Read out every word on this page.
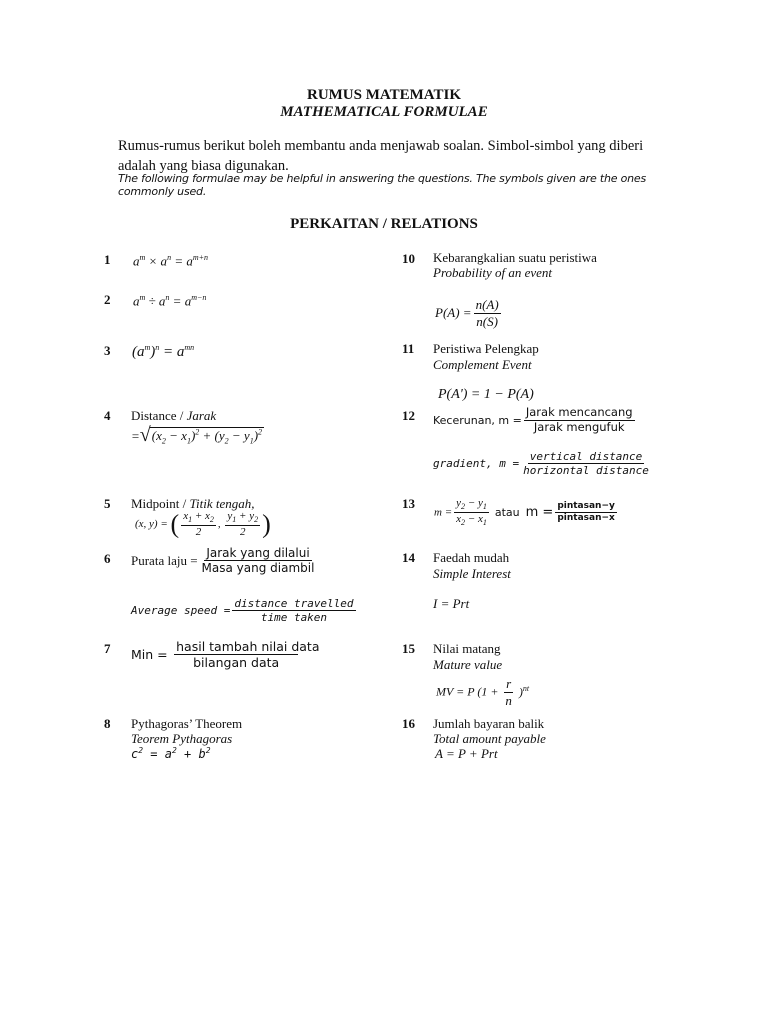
RUMUS MATEMATIK
MATHEMATICAL FORMULAE
Rumus-rumus berikut boleh membantu anda menjawab soalan. Simbol-simbol yang diberi adalah yang biasa digunakan.
The following formulae may be helpful in answering the questions. The symbols given are the ones commonly used.
PERKAITAN / RELATIONS
1 $a^m \times a^n = a^{m+n}$
2 $a^m \div a^n = a^{m-n}$
3 $(a^m)^n = a^{mn}$
4 Distance / Jarak
= √ $(x_2 - x_1)^2 + (y_2 - y_1)^2$
5 Midpoint / Titik tengah,
(x, y) = ( $\frac{x_1 + x_2}{2}$ , $\frac{y_1 + y_2}{2}$ )
6 Purata laju = $\frac{\text{Jarak yang dilalui}}{\text{Masa yang diambil}}$
Average speed = $\frac{\text{distance travelled}}{\text{time taken}}$
7 Min = $\frac{\text{hasil tambah nilai data}}{\text{bilangan data}}$
8 Pythagoras’ Theorem
Teorem Pythagoras
$c^2 = a^2 + b^2$
10 Kebarangkalian suatu peristiwa
Probability of an event
$P(A) = \frac{n(A)}{n(S)}$
11 Peristiwa Pelengkap
Complement Event
P(A') = 1 − P(A)
12 Kecerunan, $m = \frac{\text{Jarak mencancang}}{\text{Jarak mengufuk}}$
gradient, $m = \frac{\text{vertical distance}}{\text{horizontal distance}}$
13
$m = \frac{y_2 - y_1}{x_2 - x_1}$ atau $m = \frac{\text{pintasan−y}}{\text{pintasan−x}}$
14 Faedah mudah
Simple Interest
I = Prt
15 Nilai matang
Mature value
MV = P $(1 + \frac{r}{n} )^{nt}$
16 Jumlah bayaran balik
Total amount payable
A = P + Prt
